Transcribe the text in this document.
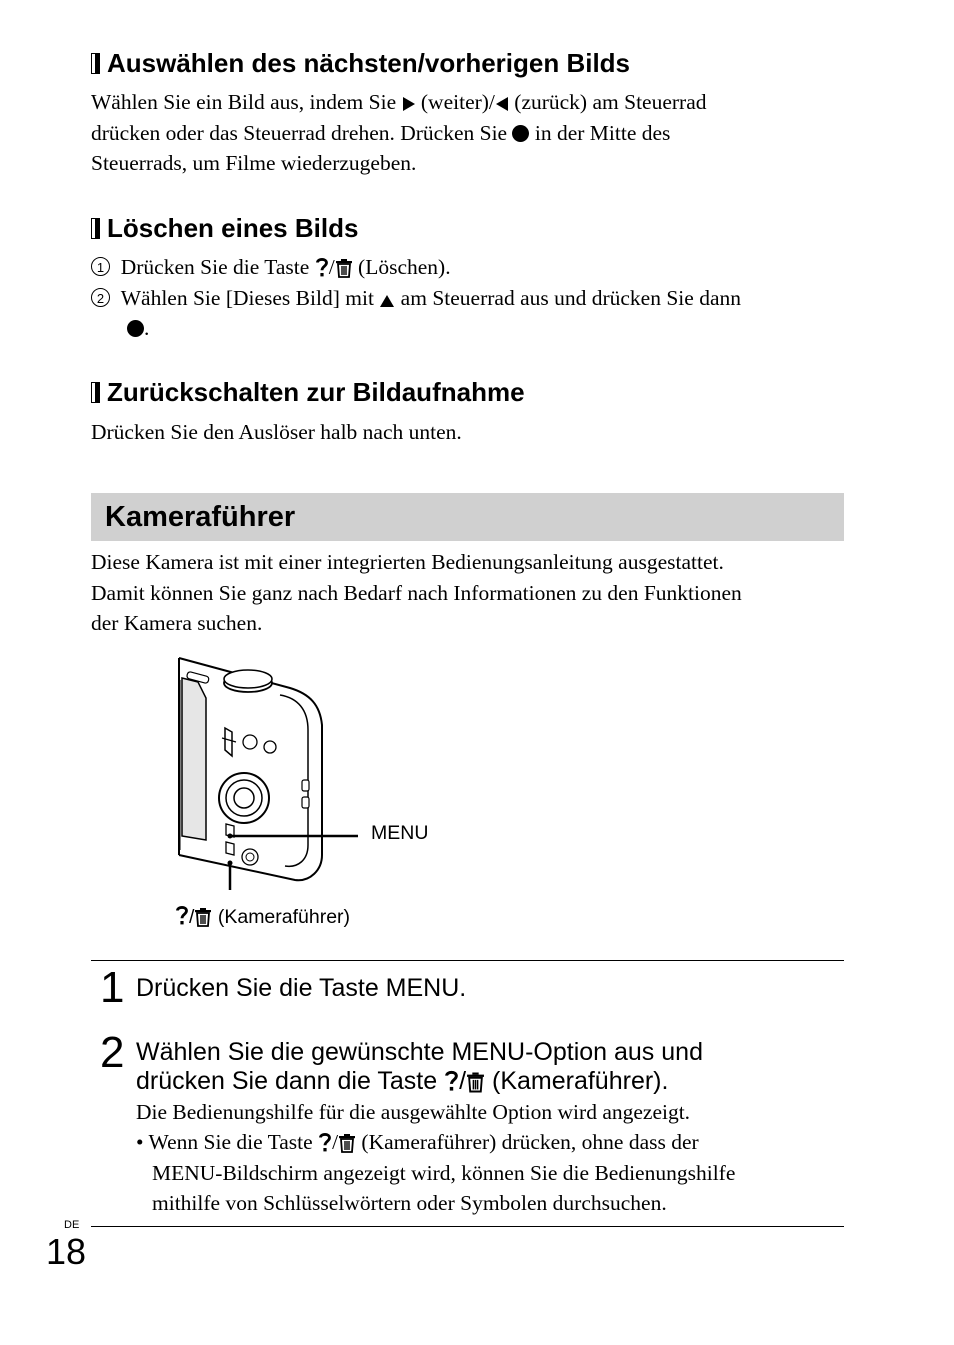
Auswählen des nächsten/vorherigen Bilds
Wählen Sie ein Bild aus, indem Sie (weiter)/ (zurück) am Steuerrad
drücken oder das Steuerrad drehen. Drücken Sie in der Mitte des
Steuerrads, um Filme wiederzugeben.
Löschen eines Bilds
1 Drücken Sie die Taste / (Löschen).
2 Wählen Sie [Dieses Bild] mit am Steuerrad aus und drücken Sie dann
.
Zurückschalten zur Bildaufnahme
Drücken Sie den Auslöser halb nach unten.
Kameraführer
Diese Kamera ist mit einer integrierten Bedienungsanleitung ausgestattet.
Damit können Sie ganz nach Bedarf nach Informationen zu den Funktionen
der Kamera suchen.
MENU
/ (Kameraführer)
1 Drücken Sie die Taste MENU.
2 Wählen Sie die gewünschte MENU-Option aus und
drücken Sie dann die Taste / (Kameraführer).
Die Bedienungshilfe für die ausgewählte Option wird angezeigt.
• Wenn Sie die Taste / (Kameraführer) drücken, ohne dass der
MENU-Bildschirm angezeigt wird, können Sie die Bedienungshilfe
mithilfe von Schlüsselwörtern oder Symbolen durchsuchen.
DE
18
